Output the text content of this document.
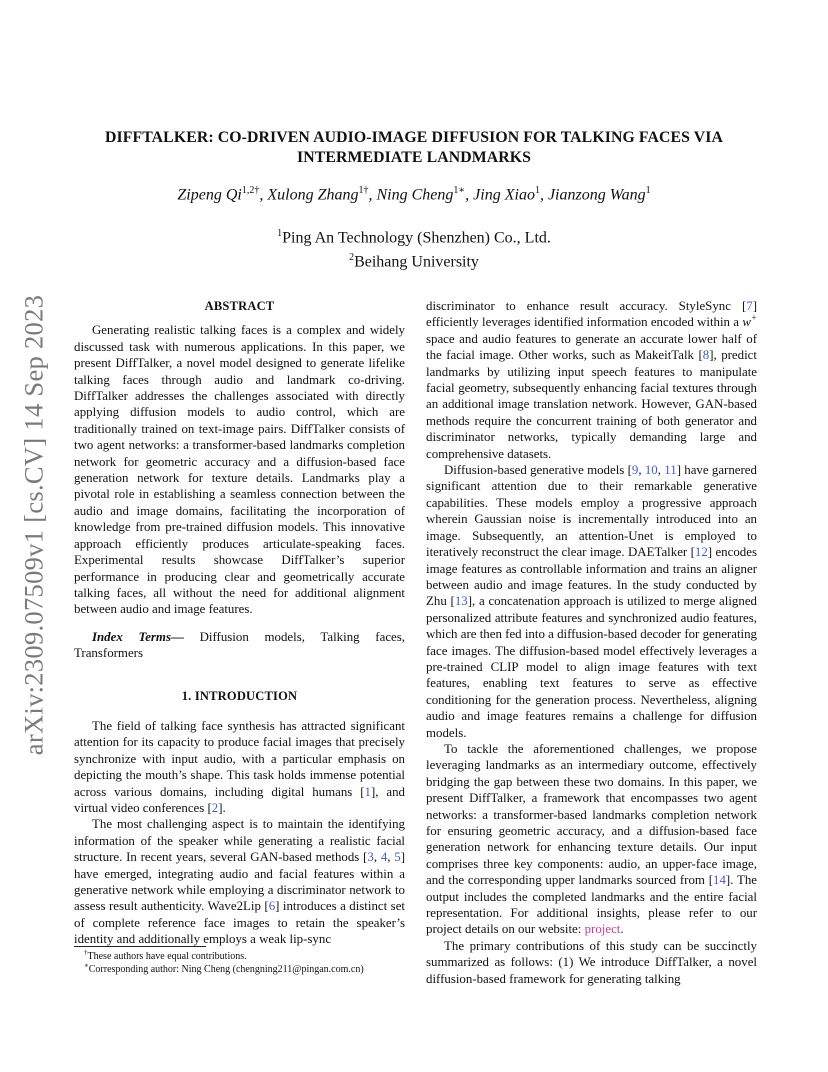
arXiv:2309.07509v1 [cs.CV] 14 Sep 2023
DIFFTALKER: CO-DRIVEN AUDIO-IMAGE DIFFUSION FOR TALKING FACES VIA INTERMEDIATE LANDMARKS
Zipeng $Qi^{1,2\dagger}$, Xulong Zhang$^{1\dagger}$, Ning Cheng$^{1∗}$, Jing Xiao$^1$, Jianzong Wang$^1$
$^1$Ping An Technology (Shenzhen) Co., Ltd.
$^2$Beihang University
ABSTRACT

Generating realistic talking faces is a complex and widely discussed task with numerous applications. In this paper, we present DiffTalker, a novel model designed to generate lifelike talking faces through audio and landmark co-driving. DiffTalker addresses the challenges associated with directly applying diffusion models to audio control, which are traditionally trained on text-image pairs. DiffTalker consists of two agent networks: a transformer-based landmarks completion network for geometric accuracy and a diffusion-based face generation network for texture details. Landmarks play a pivotal role in establishing a seamless connection between the audio and image domains, facilitating the incorporation of knowledge from pre-trained diffusion models. This innovative approach efficiently produces articulate-speaking faces. Experimental results showcase DiffTalker’s superior performance in producing clear and geometrically accurate talking faces, all without the need for additional alignment between audio and image features.

Index Terms— Diffusion models, Talking faces, Transformers

1. INTRODUCTION

The field of talking face synthesis has attracted significant attention for its capacity to produce facial images that precisely synchronize with input audio, with a particular emphasis on depicting the mouth’s shape. This task holds immense potential across various domains, including digital humans [1], and virtual video conferences [2].

The most challenging aspect is to maintain the identifying information of the speaker while generating a realistic facial structure. In recent years, several GAN-based methods [3, 4, 5] have emerged, integrating audio and facial features within a generative network while employing a discriminator network to assess result authenticity. Wave2Lip [6] introduces a distinct set of complete reference face images to retain the speaker’s identity and additionally employs a weak lip-sync

discriminator to enhance result accuracy. StyleSync [7] efficiently leverages identified information encoded within a w+ space and audio features to generate an accurate lower half of the facial image. Other works, such as MakeitTalk [8], predict landmarks by utilizing input speech features to manipulate facial geometry, subsequently enhancing facial textures through an additional image translation network. However, GAN-based methods require the concurrent training of both generator and discriminator networks, typically demanding large and comprehensive datasets.

Diffusion-based generative models [9, 10, 11] have garnered significant attention due to their remarkable generative capabilities. These models employ a progressive approach wherein Gaussian noise is incrementally introduced into an image. Subsequently, an attention-Unet is employed to iteratively reconstruct the clear image. DAETalker [12] encodes image features as controllable information and trains an aligner between audio and image features. In the study conducted by Zhu [13], a concatenation approach is utilized to merge aligned personalized attribute features and synchronized audio features, which are then fed into a diffusion-based decoder for generating face images. The diffusion-based model effectively leverages a pre-trained CLIP model to align image features with text features, enabling text features to serve as effective conditioning for the generation process. Nevertheless, aligning audio and image features remains a challenge for diffusion models.

To tackle the aforementioned challenges, we propose leveraging landmarks as an intermediary outcome, effectively bridging the gap between these two domains. In this paper, we present DiffTalker, a framework that encompasses two agent networks: a transformer-based landmarks completion network for ensuring geometric accuracy, and a diffusion-based face generation network for enhancing texture details. Our input comprises three key components: audio, an upper-face image, and the corresponding upper landmarks sourced from [14]. The output includes the completed landmarks and the entire facial representation. For additional insights, please refer to our project details on our website: project.

The primary contributions of this study can be succinctly summarized as follows: (1) We introduce DiffTalker, a novel diffusion-based framework for generating talking

†These authors have equal contributions.
∗Corresponding author: Ning Cheng (chengning211@pingan.com.cn)
